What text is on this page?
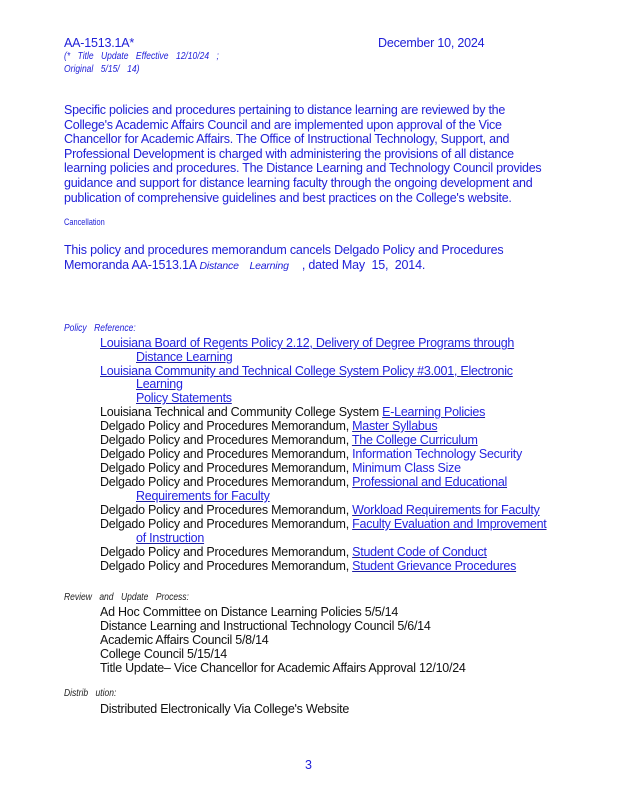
AA-1513.1A*	December 10, 2024
(* Title Update Effective 12/10/24 ;
Original 5/15/ 14)
Specific policies and procedures pertaining to distance learning are reviewed by the
College's Academic Affairs Council and are implemented upon approval of the Vice
Chancellor for Academic Affairs. The Office of Instructional Technology, Support, and
Professional Development is charged with administering the provisions of all distance
learning policies and procedures. The Distance Learning and Technology Council provides
guidance and support for distance learning faculty through the ongoing development and
publication of comprehensive guidelines and best practices on the College's website.
Cancellation
This policy and procedures memorandum cancels Delgado Policy and Procedures
Memoranda AA-1513.1A Distance Learning    , dated May  15,  2014.
Policy Reference:
Louisiana Board of Regents Policy 2.12, Delivery of Degree Programs through
Distance Learning
Louisiana Community and Technical College System Policy #3.001, Electronic
Learning
Policy Statements
Louisiana Technical and Community College System E-Learning Policies
Delgado Policy and Procedures Memorandum, Master Syllabus
Delgado Policy and Procedures Memorandum, The College Curriculum
Delgado Policy and Procedures Memorandum, Information Technology Security
Delgado Policy and Procedures Memorandum, Minimum Class Size
Delgado Policy and Procedures Memorandum, Professional and Educational
Requirements for Faculty
Delgado Policy and Procedures Memorandum, Workload Requirements for Faculty
Delgado Policy and Procedures Memorandum, Faculty Evaluation and Improvement
of Instruction
Delgado Policy and Procedures Memorandum, Student Code of Conduct
Delgado Policy and Procedures Memorandum, Student Grievance Procedures
Review and Update Process:
Ad Hoc Committee on Distance Learning Policies 5/5/14
Distance Learning and Instructional Technology Council 5/6/14
Academic Affairs Council 5/8/14
College Council 5/15/14
Title Update– Vice Chancellor for Academic Affairs Approval 12/10/24
Distrib ution:
Distributed Electronically Via College's Website
3
